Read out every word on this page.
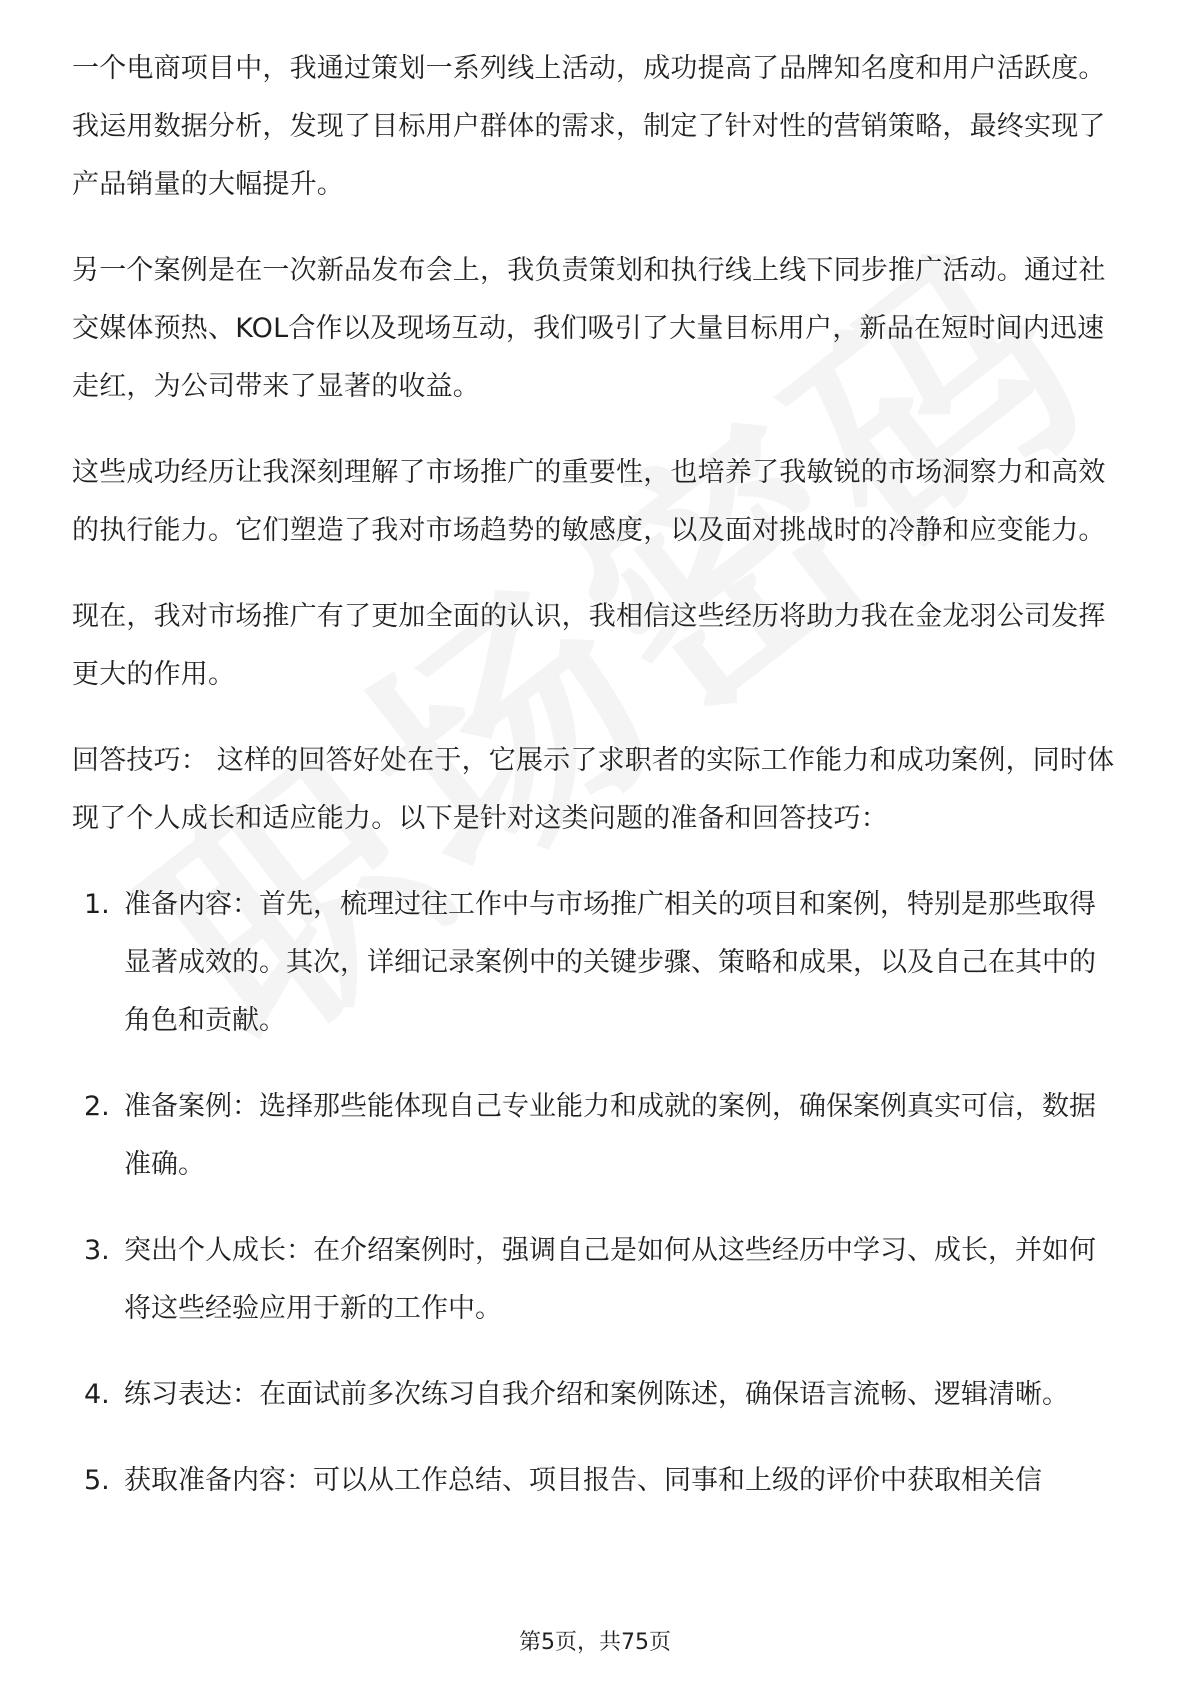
一个电商项目中，我通过策划一系列线上活动，成功提高了品牌知名度和用户活跃度。我运用数据分析，发现了目标用户群体的需求，制定了针对性的营销策略，最终实现了产品销量的大幅提升。

另一个案例是在一次新品发布会上，我负责策划和执行线上线下同步推广活动。通过社交媒体预热、KOL合作以及现场互动，我们吸引了大量目标用户，新品在短时间内迅速走红，为公司带来了显著的收益。

这些成功经历让我深刻理解了市场推广的重要性，也培养了我敏锐的市场洞察力和高效的执行能力。它们塑造了我对市场趋势的敏感度，以及面对挑战时的冷静和应变能力。

现在，我对市场推广有了更加全面的认识，我相信这些经历将助力我在金龙羽公司发挥更大的作用。

回答技巧： 这样的回答好处在于，它展示了求职者的实际工作能力和成功案例，同时体现了个人成长和适应能力。以下是针对这类问题的准备和回答技巧：

1. 准备内容：首先，梳理过往工作中与市场推广相关的项目和案例，特别是那些取得显著成效的。其次，详细记录案例中的关键步骤、策略和成果，以及自己在其中的角色和贡献。
2. 准备案例：选择那些能体现自己专业能力和成就的案例，确保案例真实可信，数据准确。
3. 突出个人成长：在介绍案例时，强调自己是如何从这些经历中学习、成长，并如何将这些经验应用于新的工作中。
4. 练习表达：在面试前多次练习自我介绍和案例陈述，确保语言流畅、逻辑清晰。
5. 获取准备内容：可以从工作总结、项目报告、同事和上级的评价中获取相关信
第5页，共75页
